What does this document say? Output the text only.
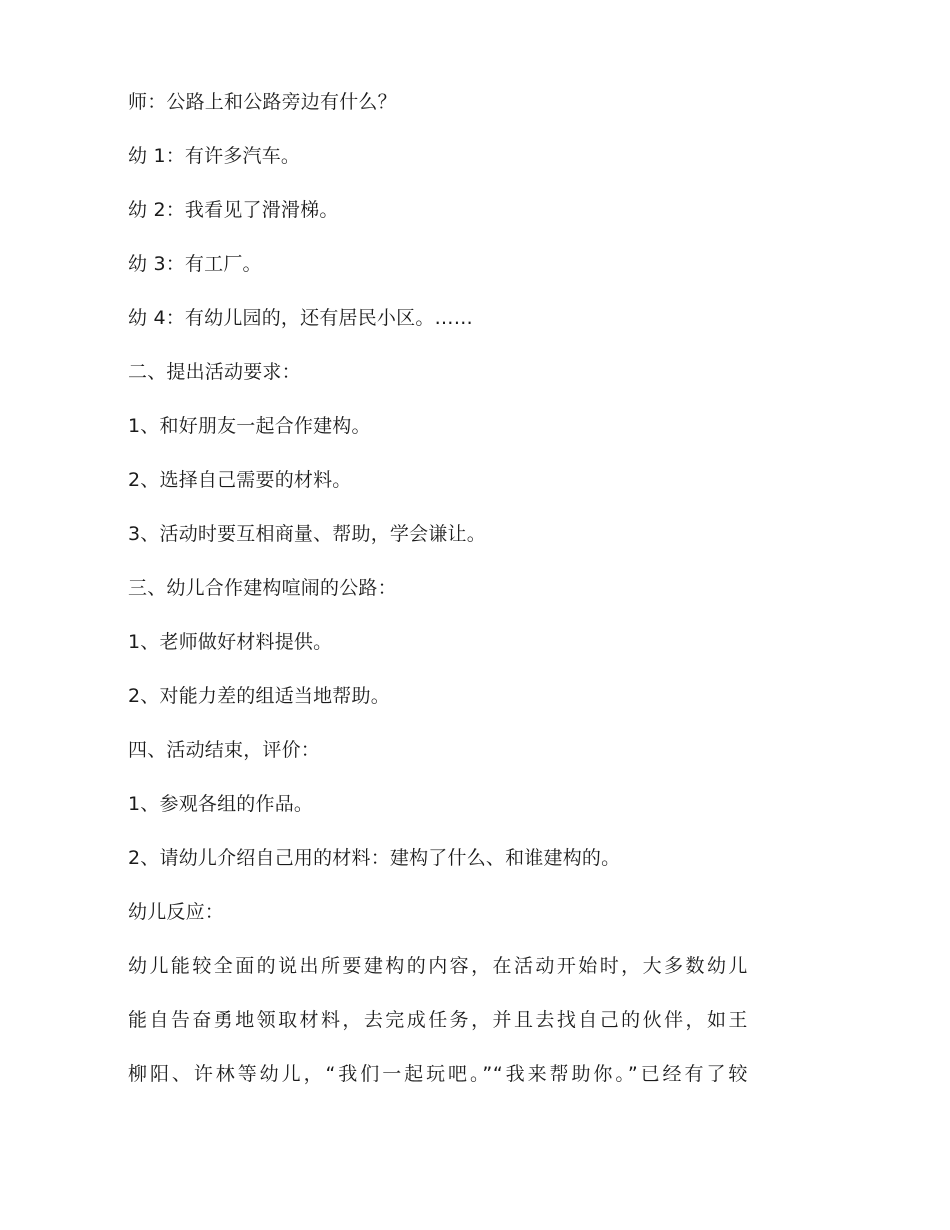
师：公路上和公路旁边有什么？
幼 1：有许多汽车。
幼 2：我看见了滑滑梯。
幼 3：有工厂。
幼 4：有幼儿园的，还有居民小区。……
二、提出活动要求：
1、和好朋友一起合作建构。
2、选择自己需要的材料。
3、活动时要互相商量、帮助，学会谦让。
三、幼儿合作建构喧闹的公路：
1、老师做好材料提供。
2、对能力差的组适当地帮助。
四、活动结束，评价：
1、参观各组的作品。
2、请幼儿介绍自己用的材料：建构了什么、和谁建构的。
幼儿反应：
幼儿能较全面的说出所要建构的内容，在活动开始时，大多数幼儿
能自告奋勇地领取材料，去完成任务，并且去找自己的伙伴，如王
柳阳、许林等幼儿，“我们一起玩吧。”“我来帮助你。”已经有了较
